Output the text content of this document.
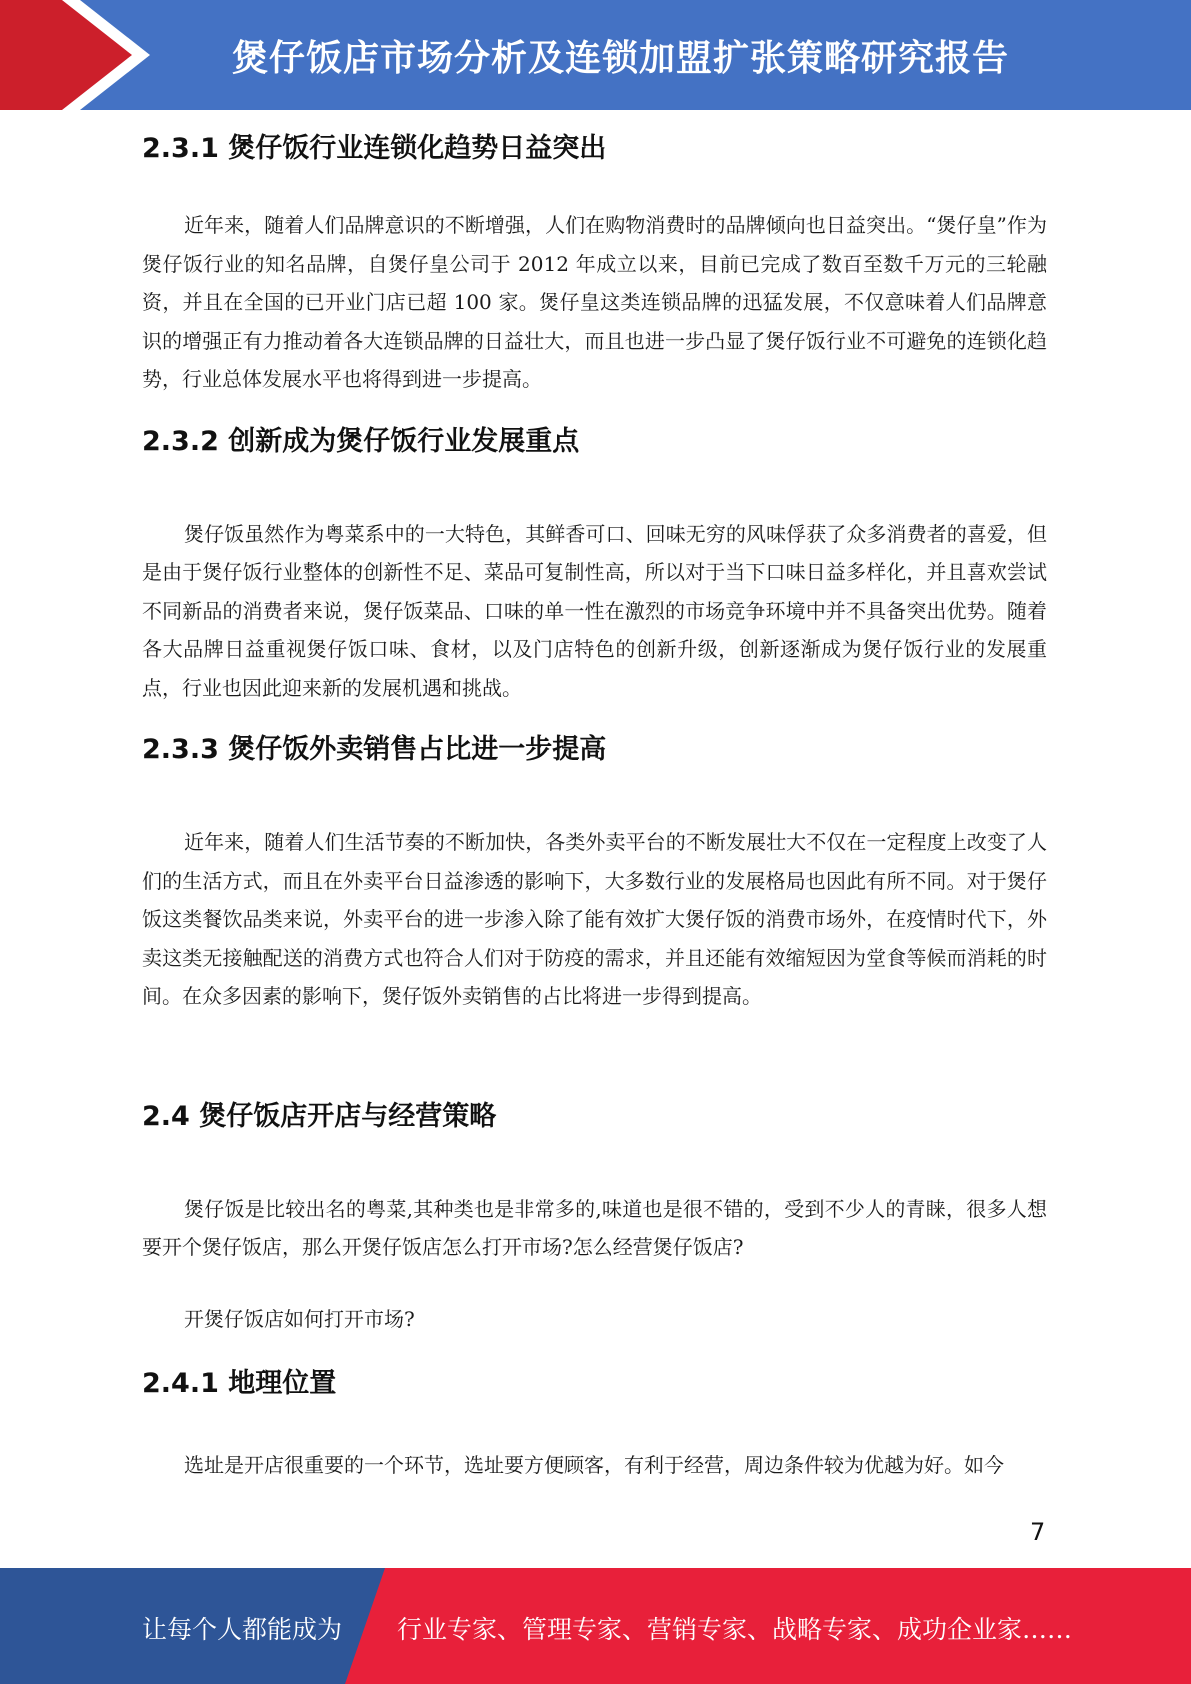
煲仔饭店市场分析及连锁加盟扩张策略研究报告
2.3.1 煲仔饭行业连锁化趋势日益突出

近年来，随着人们品牌意识的不断增强，人们在购物消费时的品牌倾向也日益突出。“煲仔皇”作为煲仔饭行业的知名品牌，自煲仔皇公司于 2012 年成立以来，目前已完成了数百至数千万元的三轮融资，并且在全国的已开业门店已超 100 家。煲仔皇这类连锁品牌的迅猛发展，不仅意味着人们品牌意识的增强正有力推动着各大连锁品牌的日益壮大，而且也进一步凸显了煲仔饭行业不可避免的连锁化趋势，行业总体发展水平也将得到进一步提高。

2.3.2 创新成为煲仔饭行业发展重点

煲仔饭虽然作为粤菜系中的一大特色，其鲜香可口、回味无穷的风味俘获了众多消费者的喜爱，但是由于煲仔饭行业整体的创新性不足、菜品可复制性高，所以对于当下口味日益多样化，并且喜欢尝试不同新品的消费者来说，煲仔饭菜品、口味的单一性在激烈的市场竞争环境中并不具备突出优势。随着各大品牌日益重视煲仔饭口味、食材，以及门店特色的创新升级，创新逐渐成为煲仔饭行业的发展重点，行业也因此迎来新的发展机遇和挑战。

2.3.3 煲仔饭外卖销售占比进一步提高

近年来，随着人们生活节奏的不断加快，各类外卖平台的不断发展壮大不仅在一定程度上改变了人们的生活方式，而且在外卖平台日益渗透的影响下，大多数行业的发展格局也因此有所不同。对于煲仔饭这类餐饮品类来说，外卖平台的进一步渗入除了能有效扩大煲仔饭的消费市场外，在疫情时代下，外卖这类无接触配送的消费方式也符合人们对于防疫的需求，并且还能有效缩短因为堂食等候而消耗的时间。在众多因素的影响下，煲仔饭外卖销售的占比将进一步得到提高。

2.4 煲仔饭店开店与经营策略

煲仔饭是比较出名的粤菜,其种类也是非常多的,味道也是很不错的，受到不少人的青睐，很多人想要开个煲仔饭店，那么开煲仔饭店怎么打开市场?怎么经营煲仔饭店?

开煲仔饭店如何打开市场?

2.4.1 地理位置

选址是开店很重要的一个环节，选址要方便顾客，有利于经营，周边条件较为优越为好。如今

7
让每个人都能成为 行业专家、管理专家、营销专家、战略专家、成功企业家……
